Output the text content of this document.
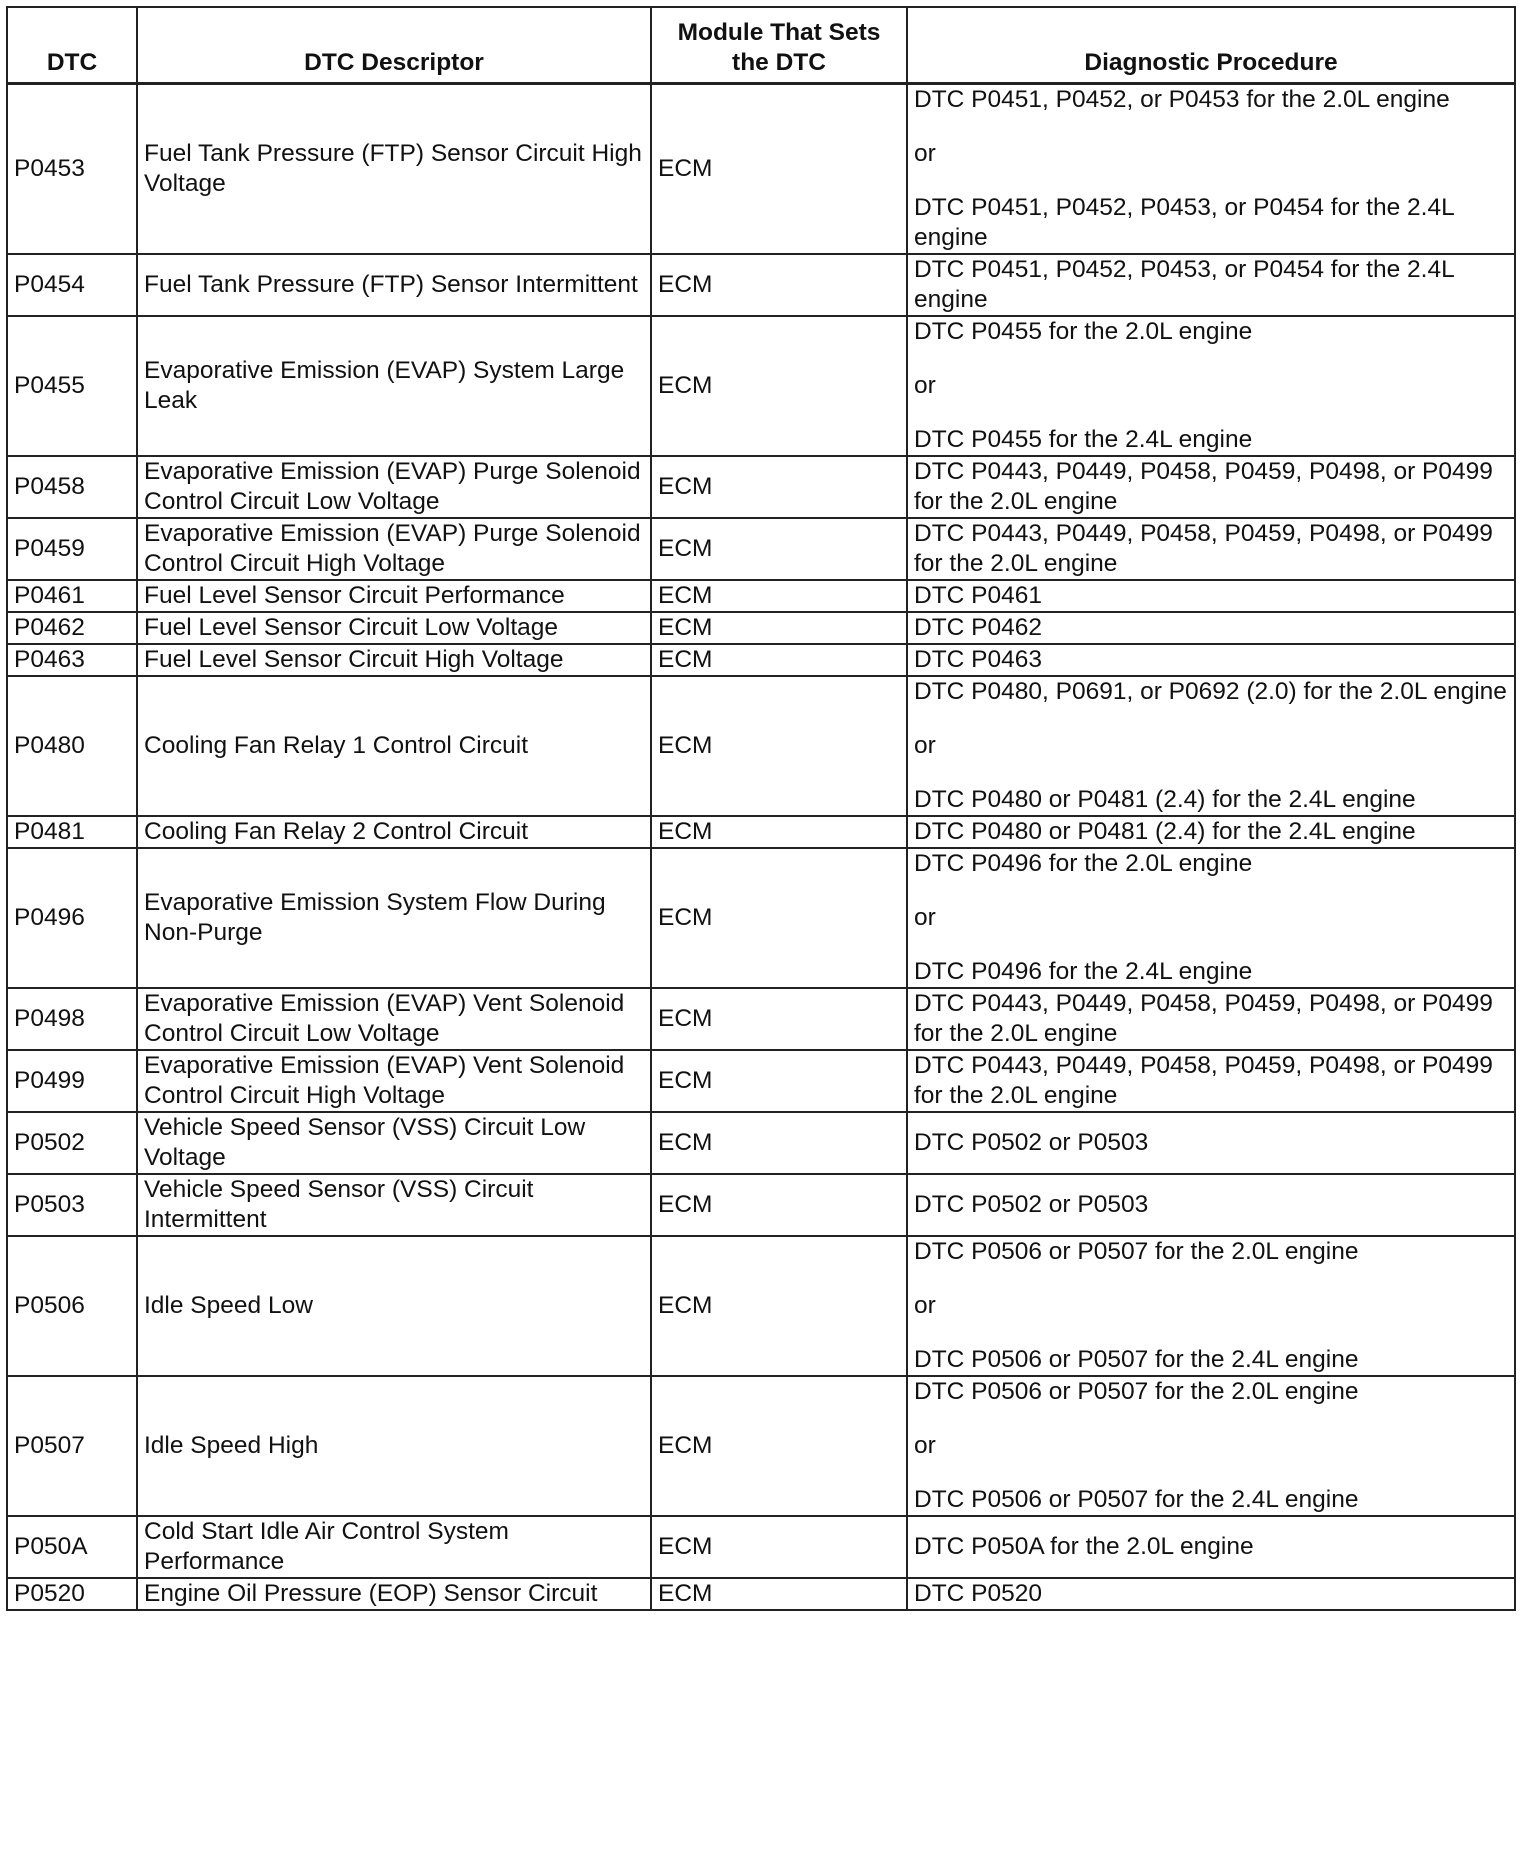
DTC	DTC Descriptor	Module That Sets the DTC	Diagnostic Procedure
P0453	Fuel Tank Pressure (FTP) Sensor Circuit High Voltage	ECM	DTC P0451, P0452, or P0453 for the 2.0L engine
or
DTC P0451, P0452, P0453, or P0454 for the 2.4L engine

P0454	Fuel Tank Pressure (FTP) Sensor Intermittent	ECM	DTC P0451, P0452, P0453, or P0454 for the 2.4L engine

P0455	Evaporative Emission (EVAP) System Large Leak	ECM	DTC P0455 for the 2.0L engine
or
DTC P0455 for the 2.4L engine

P0458	Evaporative Emission (EVAP) Purge Solenoid Control Circuit Low Voltage	ECM	DTC P0443, P0449, P0458, P0459, P0498, or P0499 for the 2.0L engine

P0459	Evaporative Emission (EVAP) Purge Solenoid Control Circuit High Voltage	ECM	DTC P0443, P0449, P0458, P0459, P0498, or P0499 for the 2.0L engine

P0461	Fuel Level Sensor Circuit Performance	ECM	DTC P0461

P0462	Fuel Level Sensor Circuit Low Voltage	ECM	DTC P0462

P0463	Fuel Level Sensor Circuit High Voltage	ECM	DTC P0463

P0480	Cooling Fan Relay 1 Control Circuit	ECM	DTC P0480, P0691, or P0692 (2.0) for the 2.0L engine
or
DTC P0480 or P0481 (2.4) for the 2.4L engine

P0481	Cooling Fan Relay 2 Control Circuit	ECM	DTC P0480 or P0481 (2.4) for the 2.4L engine

P0496	Evaporative Emission System Flow During Non-Purge	ECM	DTC P0496 for the 2.0L engine
or
DTC P0496 for the 2.4L engine

P0498	Evaporative Emission (EVAP) Vent Solenoid Control Circuit Low Voltage	ECM	DTC P0443, P0449, P0458, P0459, P0498, or P0499 for the 2.0L engine

P0499	Evaporative Emission (EVAP) Vent Solenoid Control Circuit High Voltage	ECM	DTC P0443, P0449, P0458, P0459, P0498, or P0499 for the 2.0L engine

P0502	Vehicle Speed Sensor (VSS) Circuit Low Voltage	ECM	DTC P0502 or P0503

P0503	Vehicle Speed Sensor (VSS) Circuit Intermittent	ECM	DTC P0502 or P0503

P0506	Idle Speed Low	ECM	DTC P0506 or P0507 for the 2.0L engine
or
DTC P0506 or P0507 for the 2.4L engine

P0507	Idle Speed High	ECM	DTC P0506 or P0507 for the 2.0L engine
or
DTC P0506 or P0507 for the 2.4L engine

P050A	Cold Start Idle Air Control System Performance	ECM	DTC P050A for the 2.0L engine

P0520	Engine Oil Pressure (EOP) Sensor Circuit	ECM	DTC P0520
